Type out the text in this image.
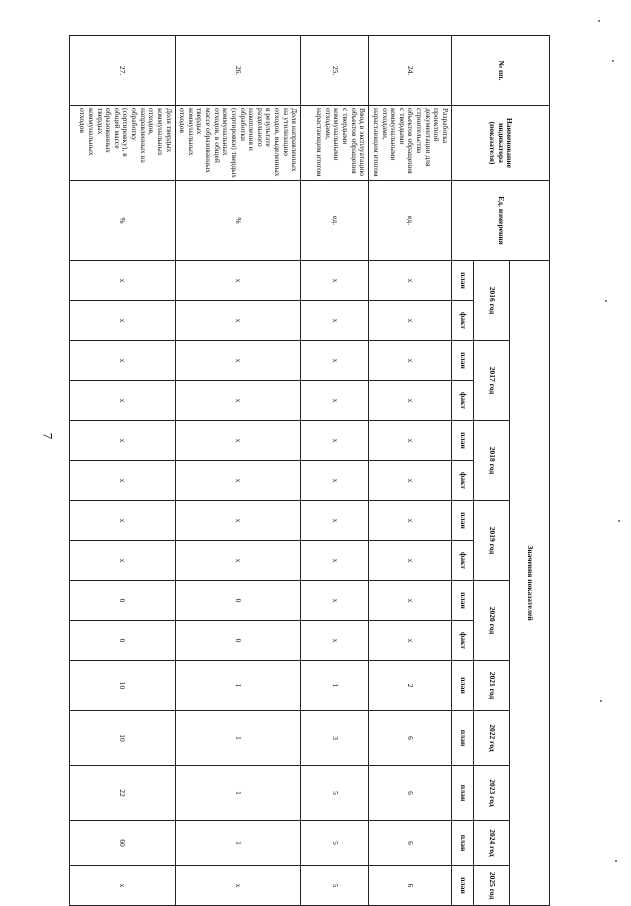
7
№ пп.	Наименование индикатора (показателя)	Ед. измерения	Значения показателей														
			2016 год		2017 год		2018 год		2019 год		2020 год		2021 год	2022 год	2023 год	2024 год	2025 год
			план	факт	план	факт	план	факт	план	факт	план	факт	план	план	план	план	план
24.	Разработка проектной документации для строительства объектов обращения с твердыми коммунальными отходами, нарастающим итогом	ед.	x	x	x	x	x	x	x	x	x	x	2	6	6	6	6
25.	Ввод в эксплуатацию объектов обращения с твердыми коммунальными отходами, нарастающим итогом	ед.	x	x	x	x	x	x	x	x	x	x	1	3	5	5	5
26.	Доля направленных на утилизацию отходов, выделенных в результате раздельного накопления и обработки (сортировки) твердых коммунальных отходов, в общей массе образованных твердых коммунальных отходов	%	x	x	x	x	x	x	x	x	0	0	1	1	1	1	x
27.	Доля твердых коммунальных отходов, направленных на обработку (сортировку), в общей массе образованных твердых коммунальных отходов	%	x	x	x	x	x	x	x	x	0	0	10	10	22	60	x
